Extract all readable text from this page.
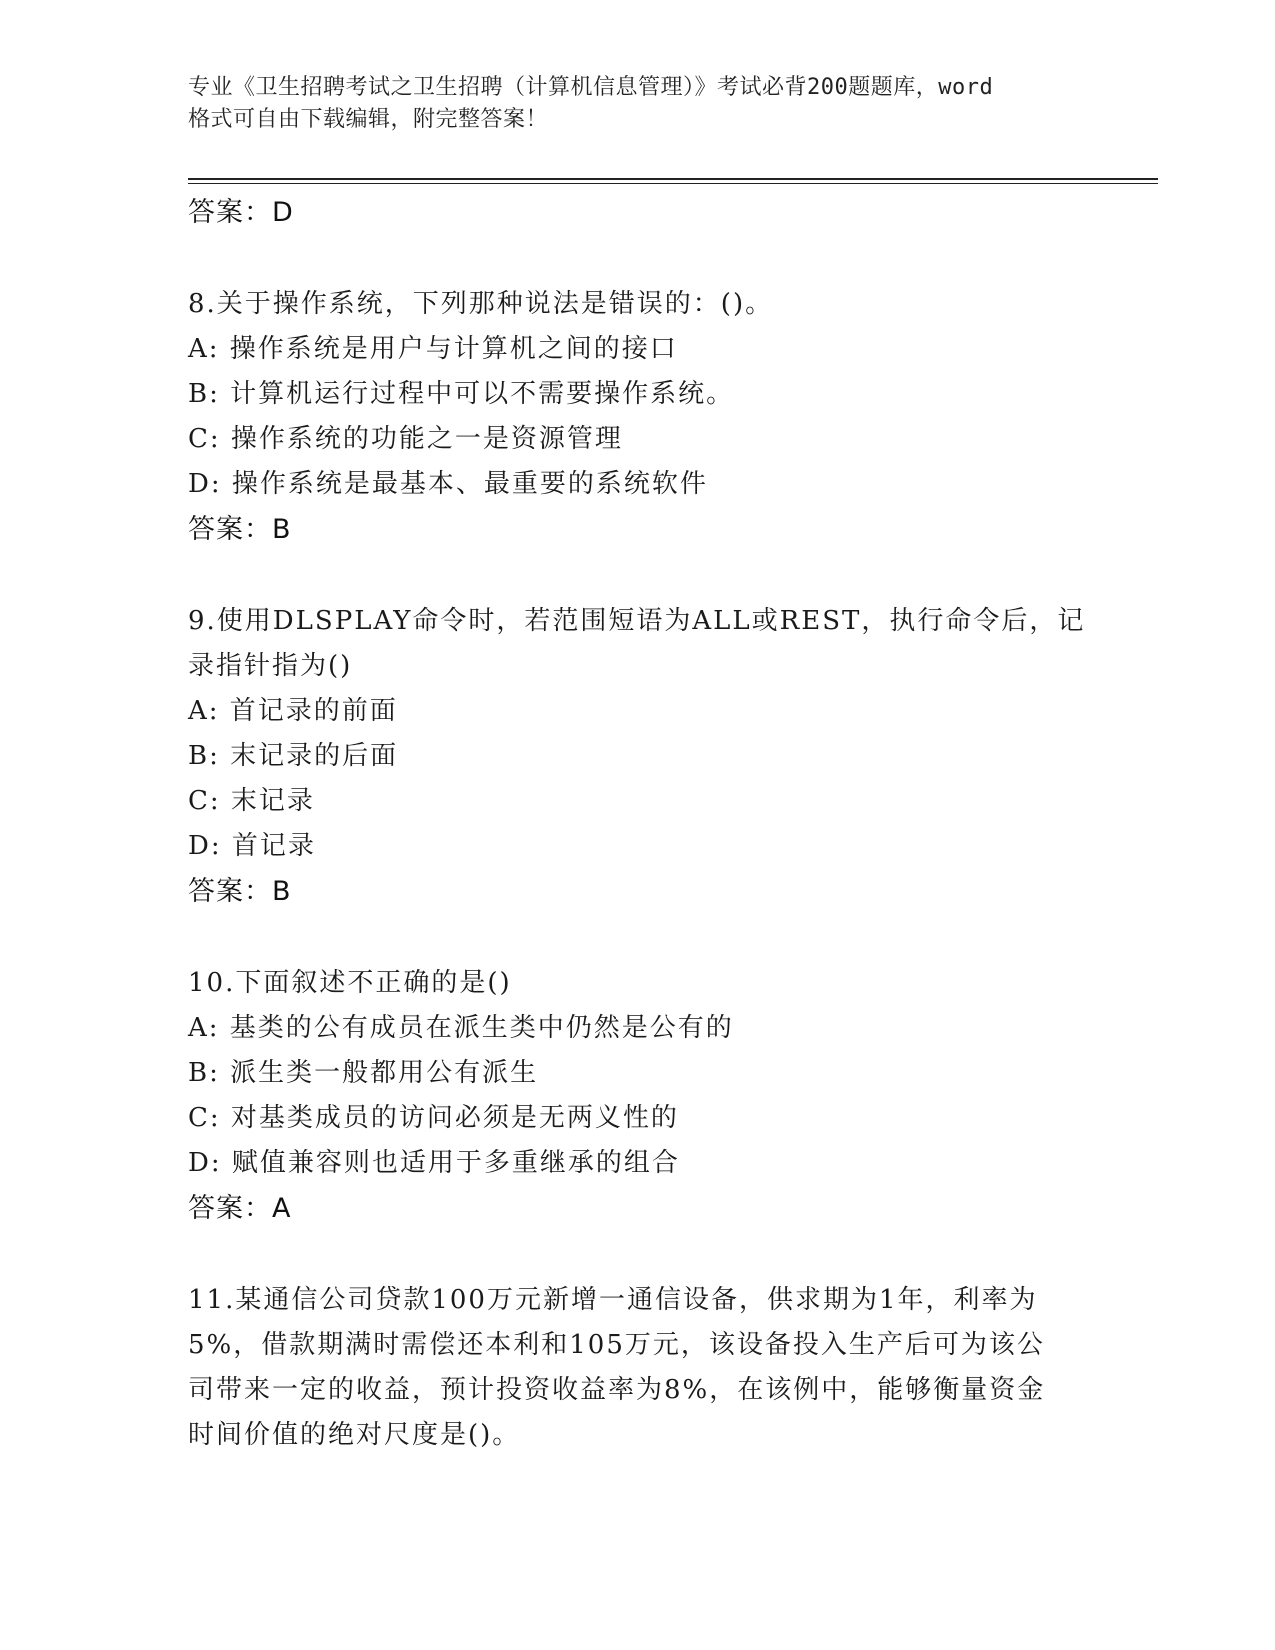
专业《卫生招聘考试之卫生招聘（计算机信息管理）》考试必背200题题库，word
格式可自由下载编辑，附完整答案！
答案：D
8.关于操作系统，下列那种说法是错误的：()。
A: 操作系统是用户与计算机之间的接口
B: 计算机运行过程中可以不需要操作系统。
C: 操作系统的功能之一是资源管理
D: 操作系统是最基本、最重要的系统软件
答案：B
9.使用DLSPLAY命令时，若范围短语为ALL或REST，执行命令后，记
录指针指为()
A: 首记录的前面
B: 末记录的后面
C: 末记录
D: 首记录
答案：B
10.下面叙述不正确的是()
A: 基类的公有成员在派生类中仍然是公有的
B: 派生类一般都用公有派生
C: 对基类成员的访问必须是无两义性的
D: 赋值兼容则也适用于多重继承的组合
答案：A
11.某通信公司贷款100万元新增一通信设备，供求期为1年，利率为
5%，借款期满时需偿还本利和105万元，该设备投入生产后可为该公
司带来一定的收益，预计投资收益率为8%，在该例中，能够衡量资金
时间价值的绝对尺度是()。
